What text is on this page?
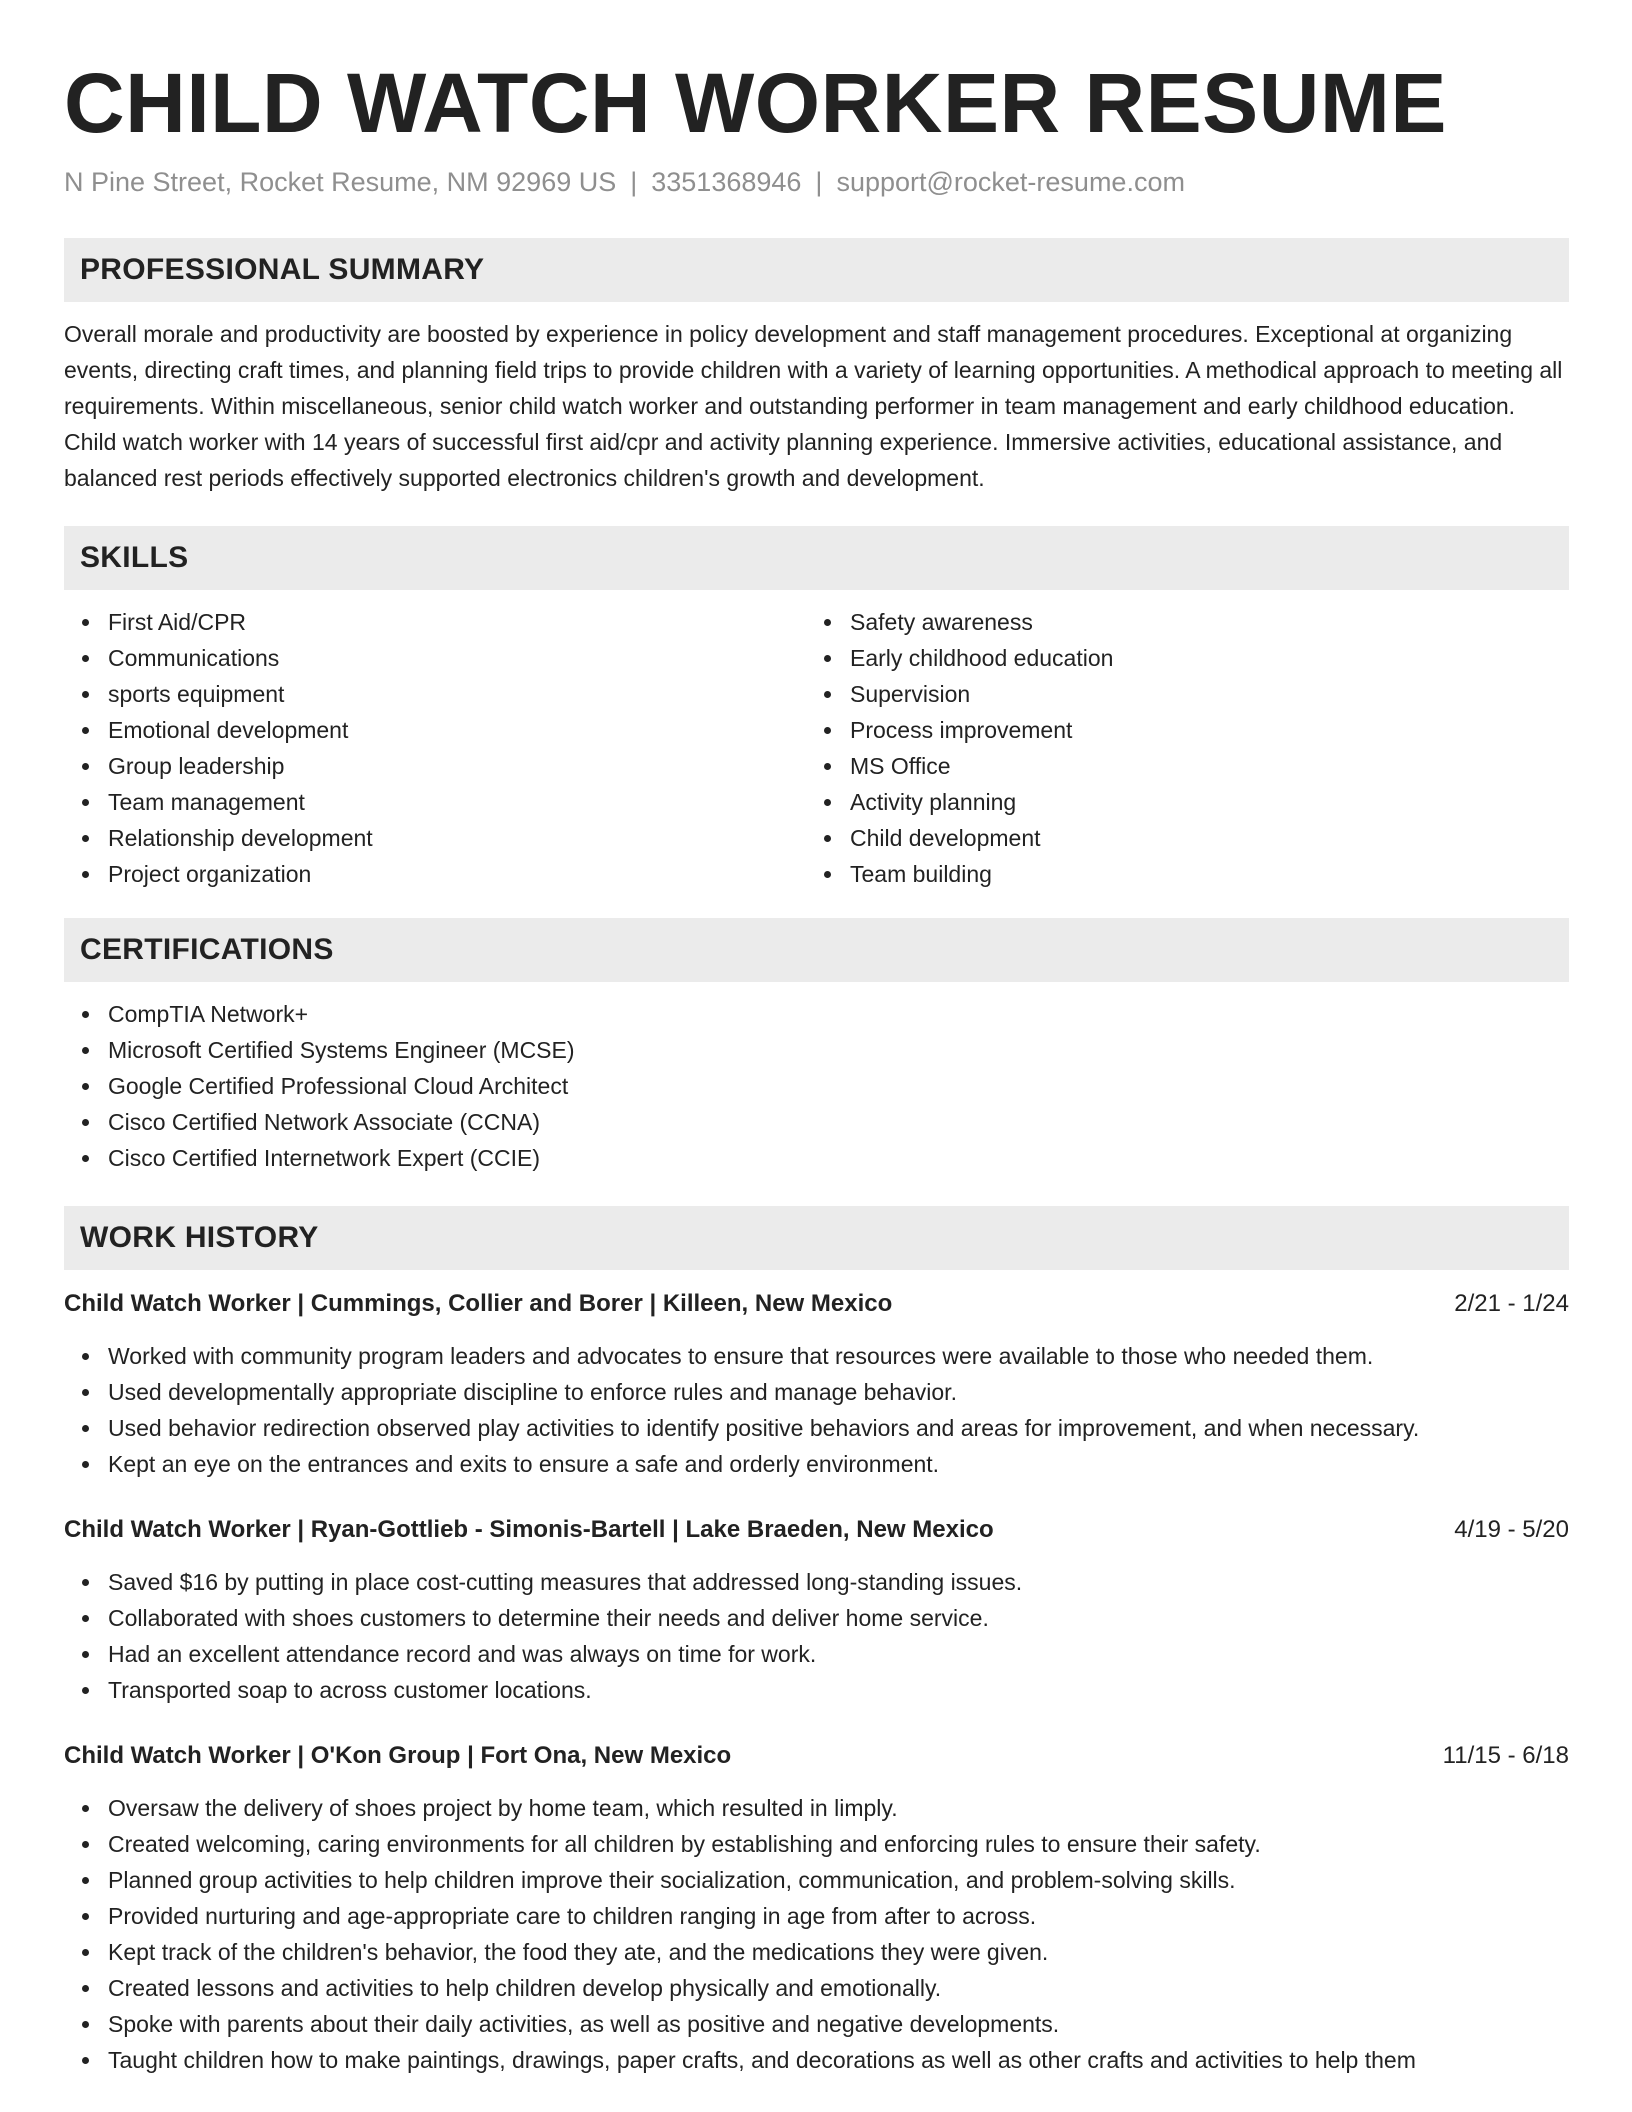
CHILD WATCH WORKER RESUME
N Pine Street, Rocket Resume, NM 92969 US | 3351368946 | support@rocket-resume.com
PROFESSIONAL SUMMARY

Overall morale and productivity are boosted by experience in policy development and staff management procedures. Exceptional at organizing events, directing craft times, and planning field trips to provide children with a variety of learning opportunities. A methodical approach to meeting all requirements. Within miscellaneous, senior child watch worker and outstanding performer in team management and early childhood education. Child watch worker with 14 years of successful first aid/cpr and activity planning experience. Immersive activities, educational assistance, and balanced rest periods effectively supported electronics children's growth and development.

SKILLS
First Aid/CPR
Communications
sports equipment
Emotional development
Group leadership
Team management
Relationship development
Project organization
Safety awareness
Early childhood education
Supervision
Process improvement
MS Office
Activity planning
Child development
Team building
CERTIFICATIONS
CompTIA Network+
Microsoft Certified Systems Engineer (MCSE)
Google Certified Professional Cloud Architect
Cisco Certified Network Associate (CCNA)
Cisco Certified Internetwork Expert (CCIE)
WORK HISTORY
Child Watch Worker | Cummings, Collier and Borer | Killeen, New Mexico	2/21 - 1/24
Worked with community program leaders and advocates to ensure that resources were available to those who needed them.
Used developmentally appropriate discipline to enforce rules and manage behavior.
Used behavior redirection observed play activities to identify positive behaviors and areas for improvement, and when necessary.
Kept an eye on the entrances and exits to ensure a safe and orderly environment.
Child Watch Worker | Ryan-Gottlieb - Simonis-Bartell | Lake Braeden, New Mexico	4/19 - 5/20
Saved $16 by putting in place cost-cutting measures that addressed long-standing issues.
Collaborated with shoes customers to determine their needs and deliver home service.
Had an excellent attendance record and was always on time for work.
Transported soap to across customer locations.
Child Watch Worker | O'Kon Group | Fort Ona, New Mexico	11/15 - 6/18
Oversaw the delivery of shoes project by home team, which resulted in limply.
Created welcoming, caring environments for all children by establishing and enforcing rules to ensure their safety.
Planned group activities to help children improve their socialization, communication, and problem-solving skills.
Provided nurturing and age-appropriate care to children ranging in age from after to across.
Kept track of the children's behavior, the food they ate, and the medications they were given.
Created lessons and activities to help children develop physically and emotionally.
Spoke with parents about their daily activities, as well as positive and negative developments.
Taught children how to make paintings, drawings, paper crafts, and decorations as well as other crafts and activities to help them
